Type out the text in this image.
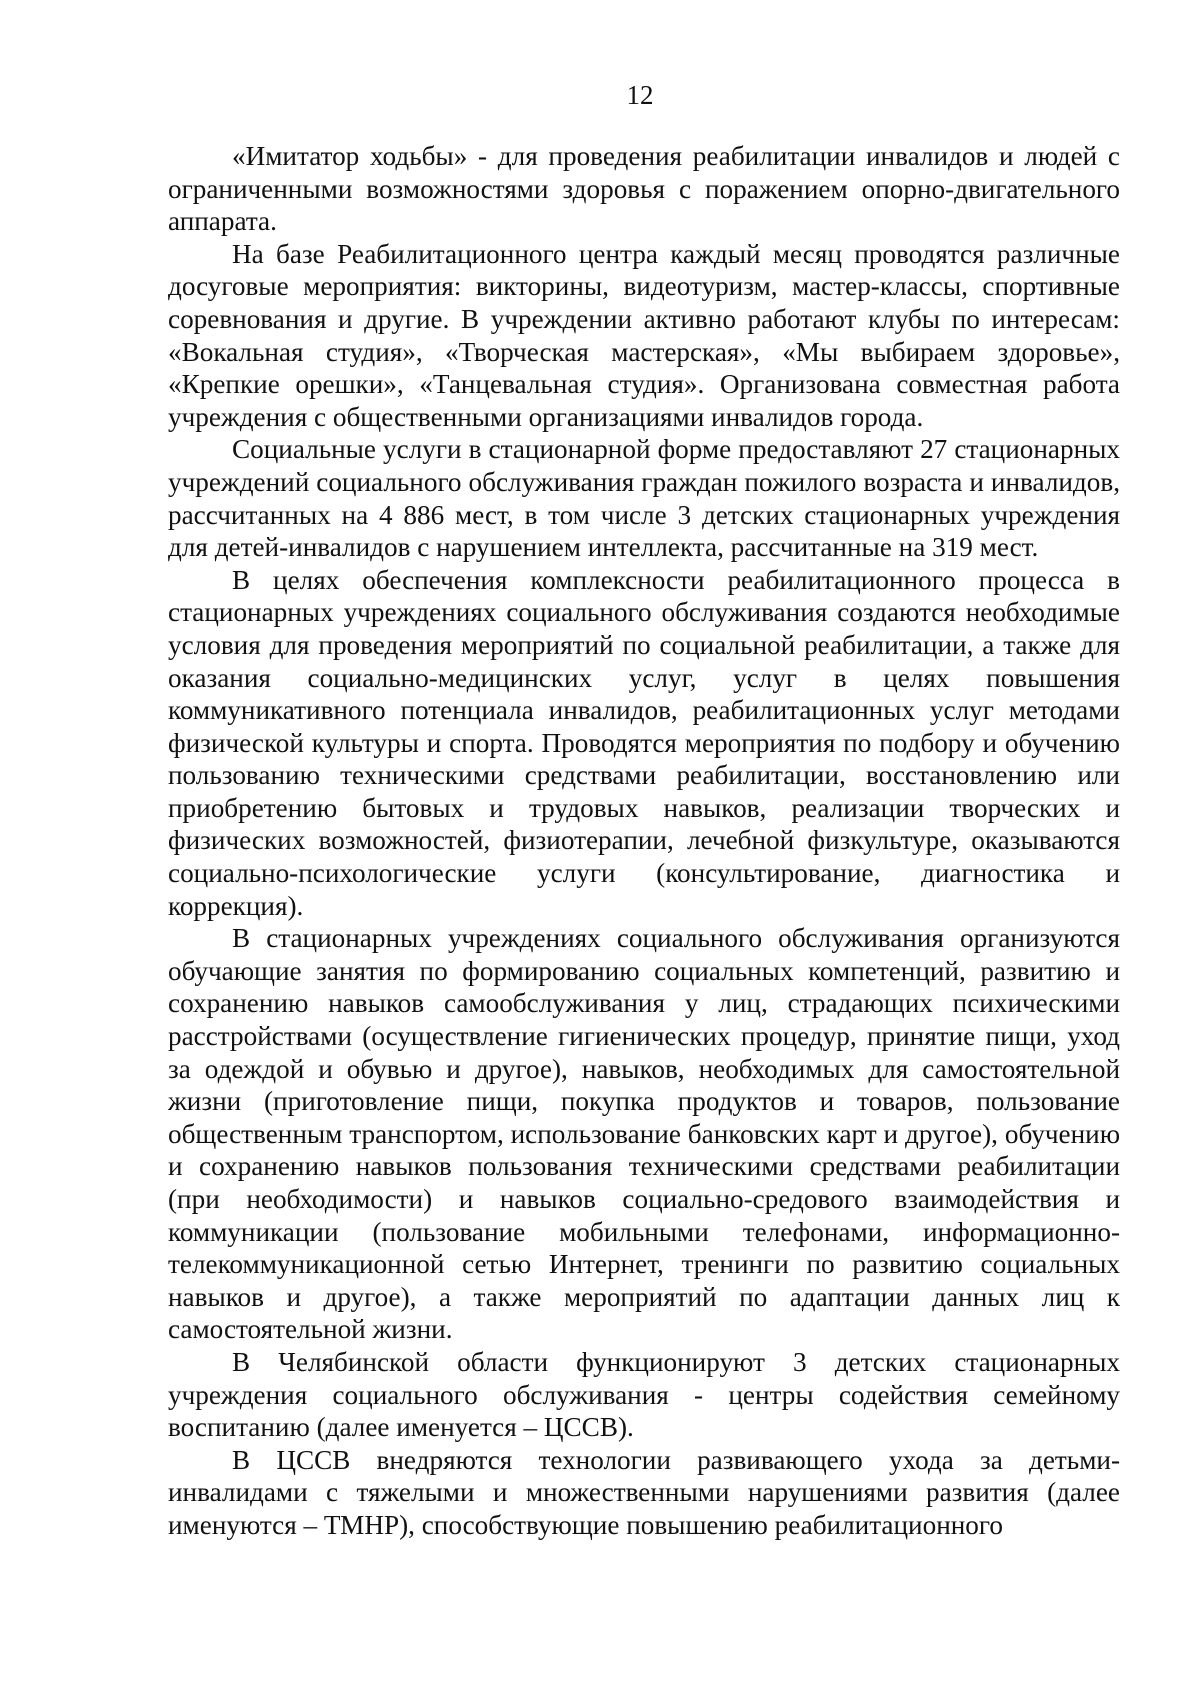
12

«Имитатор ходьбы» - для проведения реабилитации инвалидов и людей с ограниченными возможностями здоровья с поражением опорно-двигательного аппарата.

На базе Реабилитационного центра каждый месяц проводятся различные досуговые мероприятия: викторины, видеотуризм, мастер-классы, спортивные соревнования и другие. В учреждении активно работают клубы по интересам: «Вокальная студия», «Творческая мастерская», «Мы выбираем здоровье», «Крепкие орешки», «Танцевальная студия». Организована совместная работа учреждения с общественными организациями инвалидов города.

Социальные услуги в стационарной форме предоставляют 27 стационарных учреждений социального обслуживания граждан пожилого возраста и инвалидов, рассчитанных на 4 886 мест, в том числе 3 детских стационарных учреждения для детей-инвалидов с нарушением интеллекта, рассчитанные на 319 мест.

В целях обеспечения комплексности реабилитационного процесса в стационарных учреждениях социального обслуживания создаются необходимые условия для проведения мероприятий по социальной реабилитации, а также для оказания социально-медицинских услуг, услуг в целях повышения коммуникативного потенциала инвалидов, реабилитационных услуг методами физической культуры и спорта. Проводятся мероприятия по подбору и обучению пользованию техническими средствами реабилитации, восстановлению или приобретению бытовых и трудовых навыков, реализации творческих и физических возможностей, физиотерапии, лечебной физкультуре, оказываются социально-психологические услуги (консультирование, диагностика и коррекция).

В стационарных учреждениях социального обслуживания организуются обучающие занятия по формированию социальных компетенций, развитию и сохранению навыков самообслуживания у лиц, страдающих психическими расстройствами (осуществление гигиенических процедур, принятие пищи, уход за одеждой и обувью и другое), навыков, необходимых для самостоятельной жизни (приготовление пищи, покупка продуктов и товаров, пользование общественным транспортом, использование банковских карт и другое), обучению и сохранению навыков пользования техническими средствами реабилитации (при необходимости) и навыков социально-средового взаимодействия и коммуникации (пользование мобильными телефонами, информационно-телекоммуникационной сетью Интернет, тренинги по развитию социальных навыков и другое), а также мероприятий по адаптации данных лиц к самостоятельной жизни.

В Челябинской области функционируют 3 детских стационарных учреждения социального обслуживания - центры содействия семейному воспитанию (далее именуется – ЦССВ).

В ЦССВ внедряются технологии развивающего ухода за детьми-инвалидами с тяжелыми и множественными нарушениями развития (далее именуются – ТМНР), способствующие повышению реабилитационного
